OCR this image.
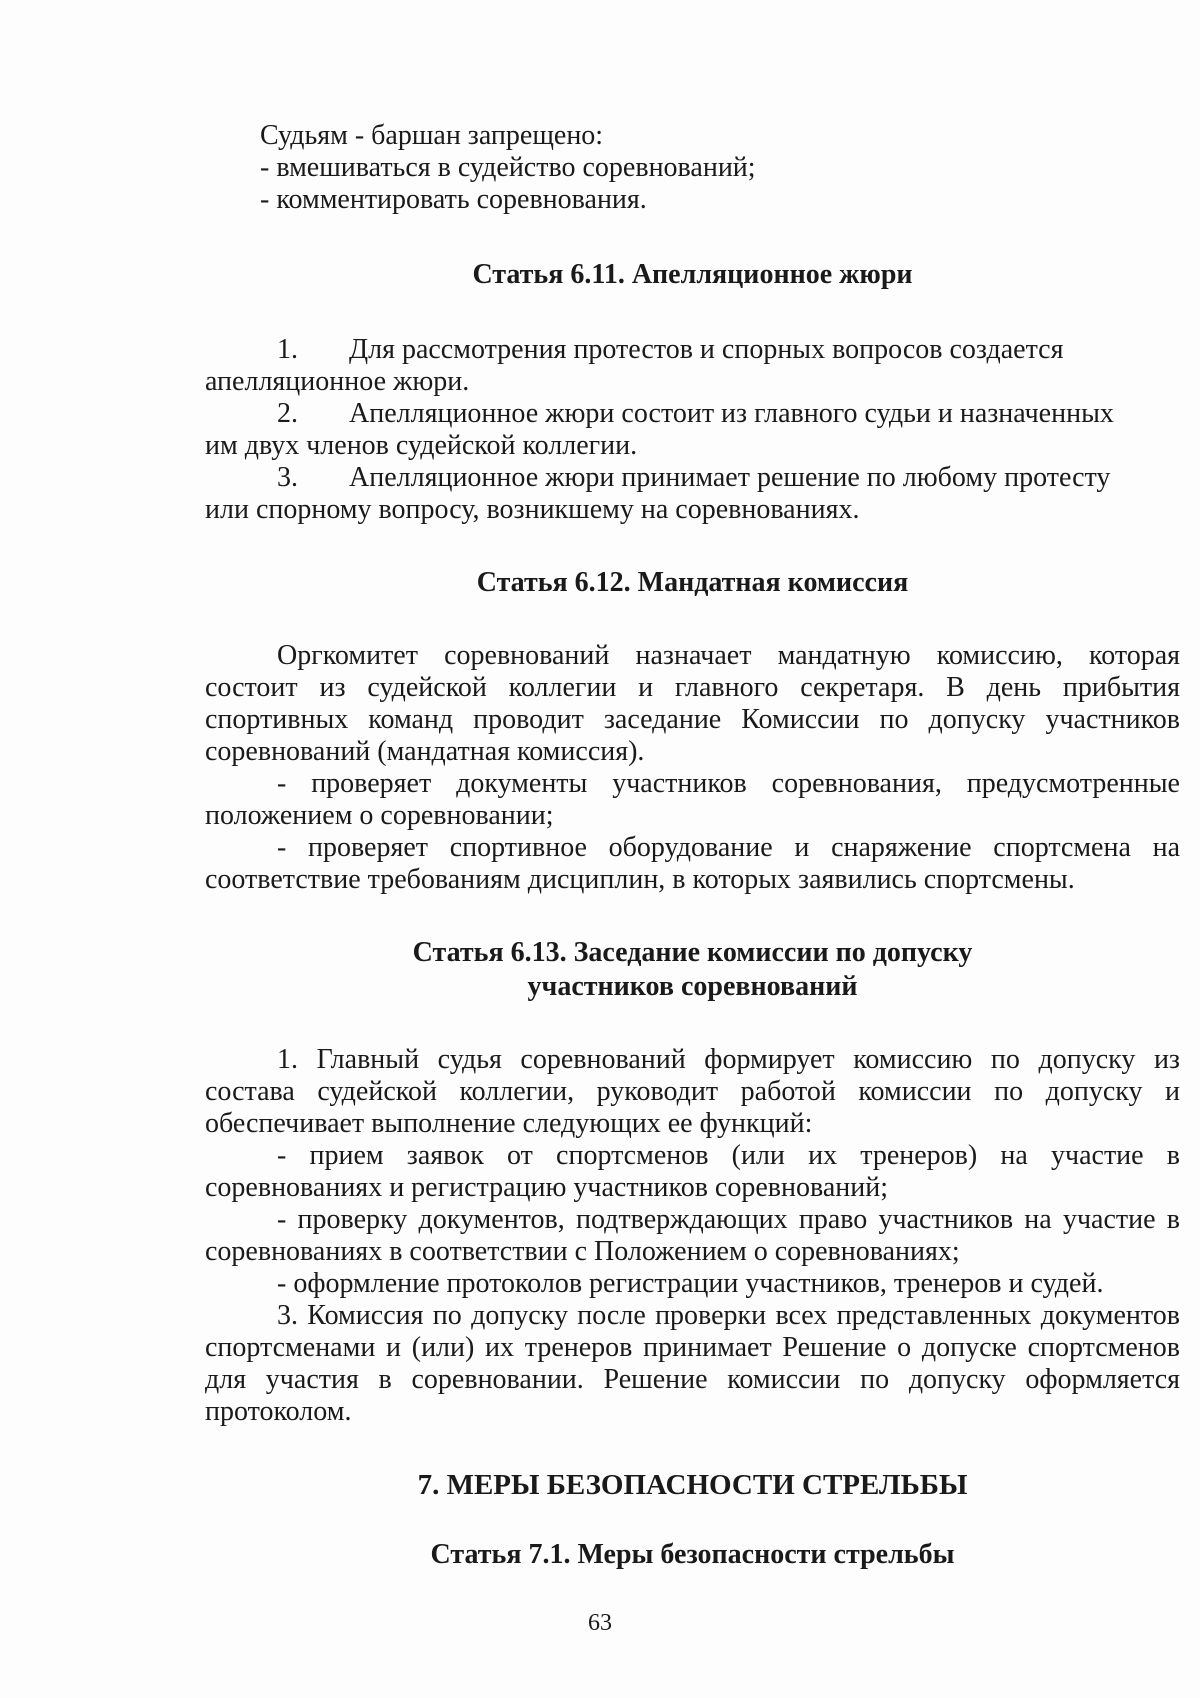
Судьям - баршан запрещено:

- вмешиваться в судейство соревнований;

- комментировать соревнования.

Статья 6.11. Апелляционное жюри
1.	Для рассмотрения протестов и спорных вопросов создается

апелляционное жюри.

2.	Апелляционное жюри состоит из главного судьи и назначенных

им двух членов судейской коллегии.

3.	Апелляционное жюри принимает решение по любому протесту

или спорному вопросу, возникшему на соревнованиях.

Статья 6.12. Мандатная комиссия

Оргкомитет соревнований назначает мандатную комиссию, которая состоит из судейской коллегии и главного секретаря. В день прибытия спортивных команд проводит заседание Комиссии по допуску участников соревнований (мандатная комиссия).

- проверяет документы участников соревнования, предусмотренные положением о соревновании;

- проверяет спортивное оборудование и снаряжение спортсмена на соответствие требованиям дисциплин, в которых заявились спортсмены.

Статья 6.13. Заседание комиссии по допуску
участников соревнований

1. Главный судья соревнований формирует комиссию по допуску из состава судейской коллегии, руководит работой комиссии по допуску и обеспечивает выполнение следующих ее функций:

- прием заявок от спортсменов (или их тренеров) на участие в соревнованиях и регистрацию участников соревнований;

- проверку документов, подтверждающих право участников на участие в соревнованиях в соответствии с Положением о соревнованиях;

- оформление протоколов регистрации участников, тренеров и судей.

3. Комиссия по допуску после проверки всех представленных документов спортсменами и (или) их тренеров принимает Решение о допуске спортсменов для участия в соревновании. Решение комиссии по допуску оформляется протоколом.

7. МЕРЫ БЕЗОПАСНОСТИ СТРЕЛЬБЫ
Статья 7.1. Меры безопасности стрельбы
63
